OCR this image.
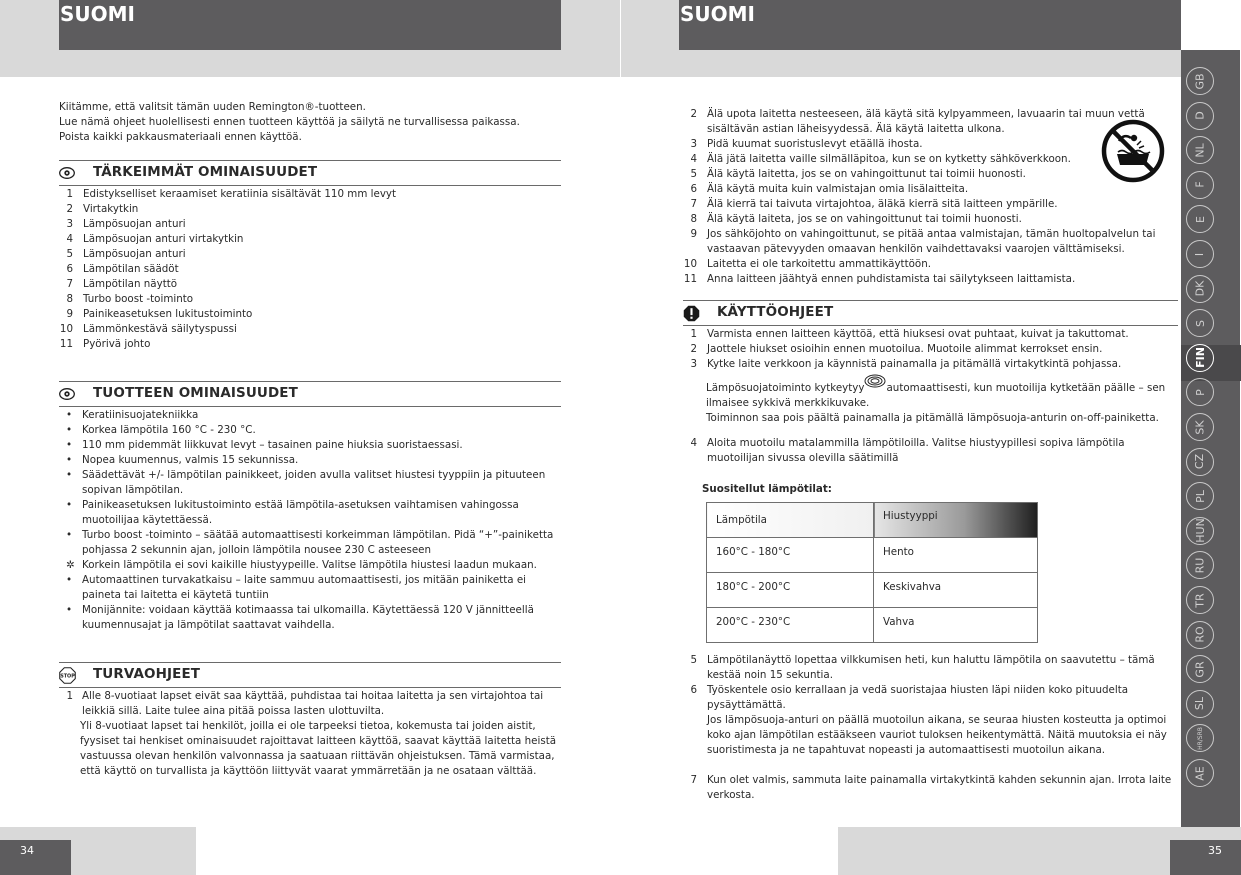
SUOMI
Kiitämme, että valitsit tämän uuden Remington®-tuotteen.
Lue nämä ohjeet huolellisesti ennen tuotteen käyttöä ja säilytä ne turvallisessa paikassa.
Poista kaikki pakkausmateriaali ennen käyttöä.
TÄRKEIMMÄT OMINAISUUDET
1 Edistykselliset keraamiset keratiinia sisältävät 110 mm levyt
2 Virtakytkin
3 Lämpösuojan anturi
4 Lämpösuojan anturi virtakytkin
5 Lämpösuojan anturi
6 Lämpötilan säädöt
7 Lämpötilan näyttö
8 Turbo boost -toiminto
9 Painikeasetuksen lukitustoiminto
10 Lämmönkestävä säilytyspussi
11 Pyörivä johto
TUOTTEEN OMINAISUUDET
• Keratiinisuojatekniikka
• Korkea lämpötila 160 °C - 230 °C.
• 110 mm pidemmät liikkuvat levyt – tasainen paine hiuksia suoristaessasi.
• Nopea kuumennus, valmis 15 sekunnissa.
• Säädettävät +/- lämpötilan painikkeet, joiden avulla valitset hiustesi tyyppiin ja pituuteen sopivan lämpötilan.
• Painikeasetuksen lukitustoiminto estää lämpötila-asetuksen vaihtamisen vahingossa muotoilijaa käytettäessä.
• Turbo boost -toiminto – säätää automaattisesti korkeimman lämpötilan. Pidä “+”-painiketta pohjassa 2 sekunnin ajan, jolloin lämpötila nousee 230 C asteeseen
✲ Korkein lämpötila ei sovi kaikille hiustyypeille. Valitse lämpötila hiustesi laadun mukaan.
• Automaattinen turvakatkaisu – laite sammuu automaattisesti, jos mitään painiketta ei paineta tai laitetta ei käytetä tuntiin
• Monijännite: voidaan käyttää kotimaassa tai ulkomailla. Käytettäessä 120 V jännitteellä kuumennusajat ja lämpötilat saattavat vaihdella.
STOP TURVAOHJEET
1 Alle 8-vuotiaat lapset eivät saa käyttää, puhdistaa tai hoitaa laitetta ja sen virtajohtoa tai leikkiä sillä. Laite tulee aina pitää poissa lasten ulottuvilta.
Yli 8-vuotiaat lapset tai henkilöt, joilla ei ole tarpeeksi tietoa, kokemusta tai joiden aistit, fyysiset tai henkiset ominaisuudet rajoittavat laitteen käyttöä, saavat käyttää laitetta heistä vastuussa olevan henkilön valvonnassa ja saatuaan riittävän ohjeistuksen. Tämä varmistaa, että käyttö on turvallista ja käyttöön liittyvät vaarat ymmärretään ja ne osataan välttää.
SUOMI
2 Älä upota laitetta nesteeseen, älä käytä sitä kylpyammeen, lavuaarin tai muun vettä sisältävän astian läheisyydessä. Älä käytä laitetta ulkona.
3 Pidä kuumat suoristuslevyt etäällä ihosta.
4 Älä jätä laitetta vaille silmälläpitoa, kun se on kytketty sähköverkkoon.
5 Älä käytä laitetta, jos se on vahingoittunut tai toimii huonosti.
6 Älä käytä muita kuin valmistajan omia lisälaitteita.
7 Älä kierrä tai taivuta virtajohtoa, äläkä kierrä sitä laitteen ympärille.
8 Älä käytä laiteta, jos se on vahingoittunut tai toimii huonosti.
9 Jos sähköjohto on vahingoittunut, se pitää antaa valmistajan, tämän huoltopalvelun tai vastaavan pätevyyden omaavan henkilön vaihdettavaksi vaarojen välttämiseksi.
10 Laitetta ei ole tarkoitettu ammattikäyttöön.
11 Anna laitteen jäähtyä ennen puhdistamista tai säilytykseen laittamista.
KÄYTTÖOHJEET
1 Varmista ennen laitteen käyttöä, että hiuksesi ovat puhtaat, kuivat ja takuttomat.
2 Jaottele hiukset osioihin ennen muotoilua. Muotoile alimmat kerrokset ensin.
3 Kytke laite verkkoon ja käynnistä painamalla ja pitämällä virtakytkintä pohjassa.
Lämpösuojatoiminto kytkeytyy automaattisesti, kun muotoilija kytketään päälle – sen ilmaisee sykkivä merkkikuvake.
Toiminnon saa pois päältä painamalla ja pitämällä lämpösuoja-anturin on-off-painiketta.
4 Aloita muotoilu matalammilla lämpötiloilla. Valitse hiustyypillesi sopiva lämpötila muotoilijan sivussa olevilla säätimillä
Suositellut lämpötilat:
Lämpötila	Hiustyyppi
160°C - 180°C	Hento
180°C - 200°C	Keskivahva
200°C - 230°C	Vahva
5 Lämpötilanäyttö lopettaa vilkkumisen heti, kun haluttu lämpötila on saavutettu – tämä kestää noin 15 sekuntia.
6 Työskentele osio kerrallaan ja vedä suoristajaa hiusten läpi niiden koko pituudelta pysäyttämättä.
Jos lämpösuoja-anturi on päällä muotoilun aikana, se seuraa hiusten kosteutta ja optimoi koko ajan lämpötilan estääkseen vauriot tuloksen heikentymättä. Näitä muutoksia ei näy suoristimesta ja ne tapahtuvat nopeasti ja automaattisesti muotoilun aikana.
7 Kun olet valmis, sammuta laite painamalla virtakytkintä kahden sekunnin ajan. Irrota laite verkosta.
GB
D
NL
F
E
I
DK
S
FIN
P
SK
CZ
PL
HUN
RU
TR
RO
GR
SL
HR/SRB
AE
34	35
